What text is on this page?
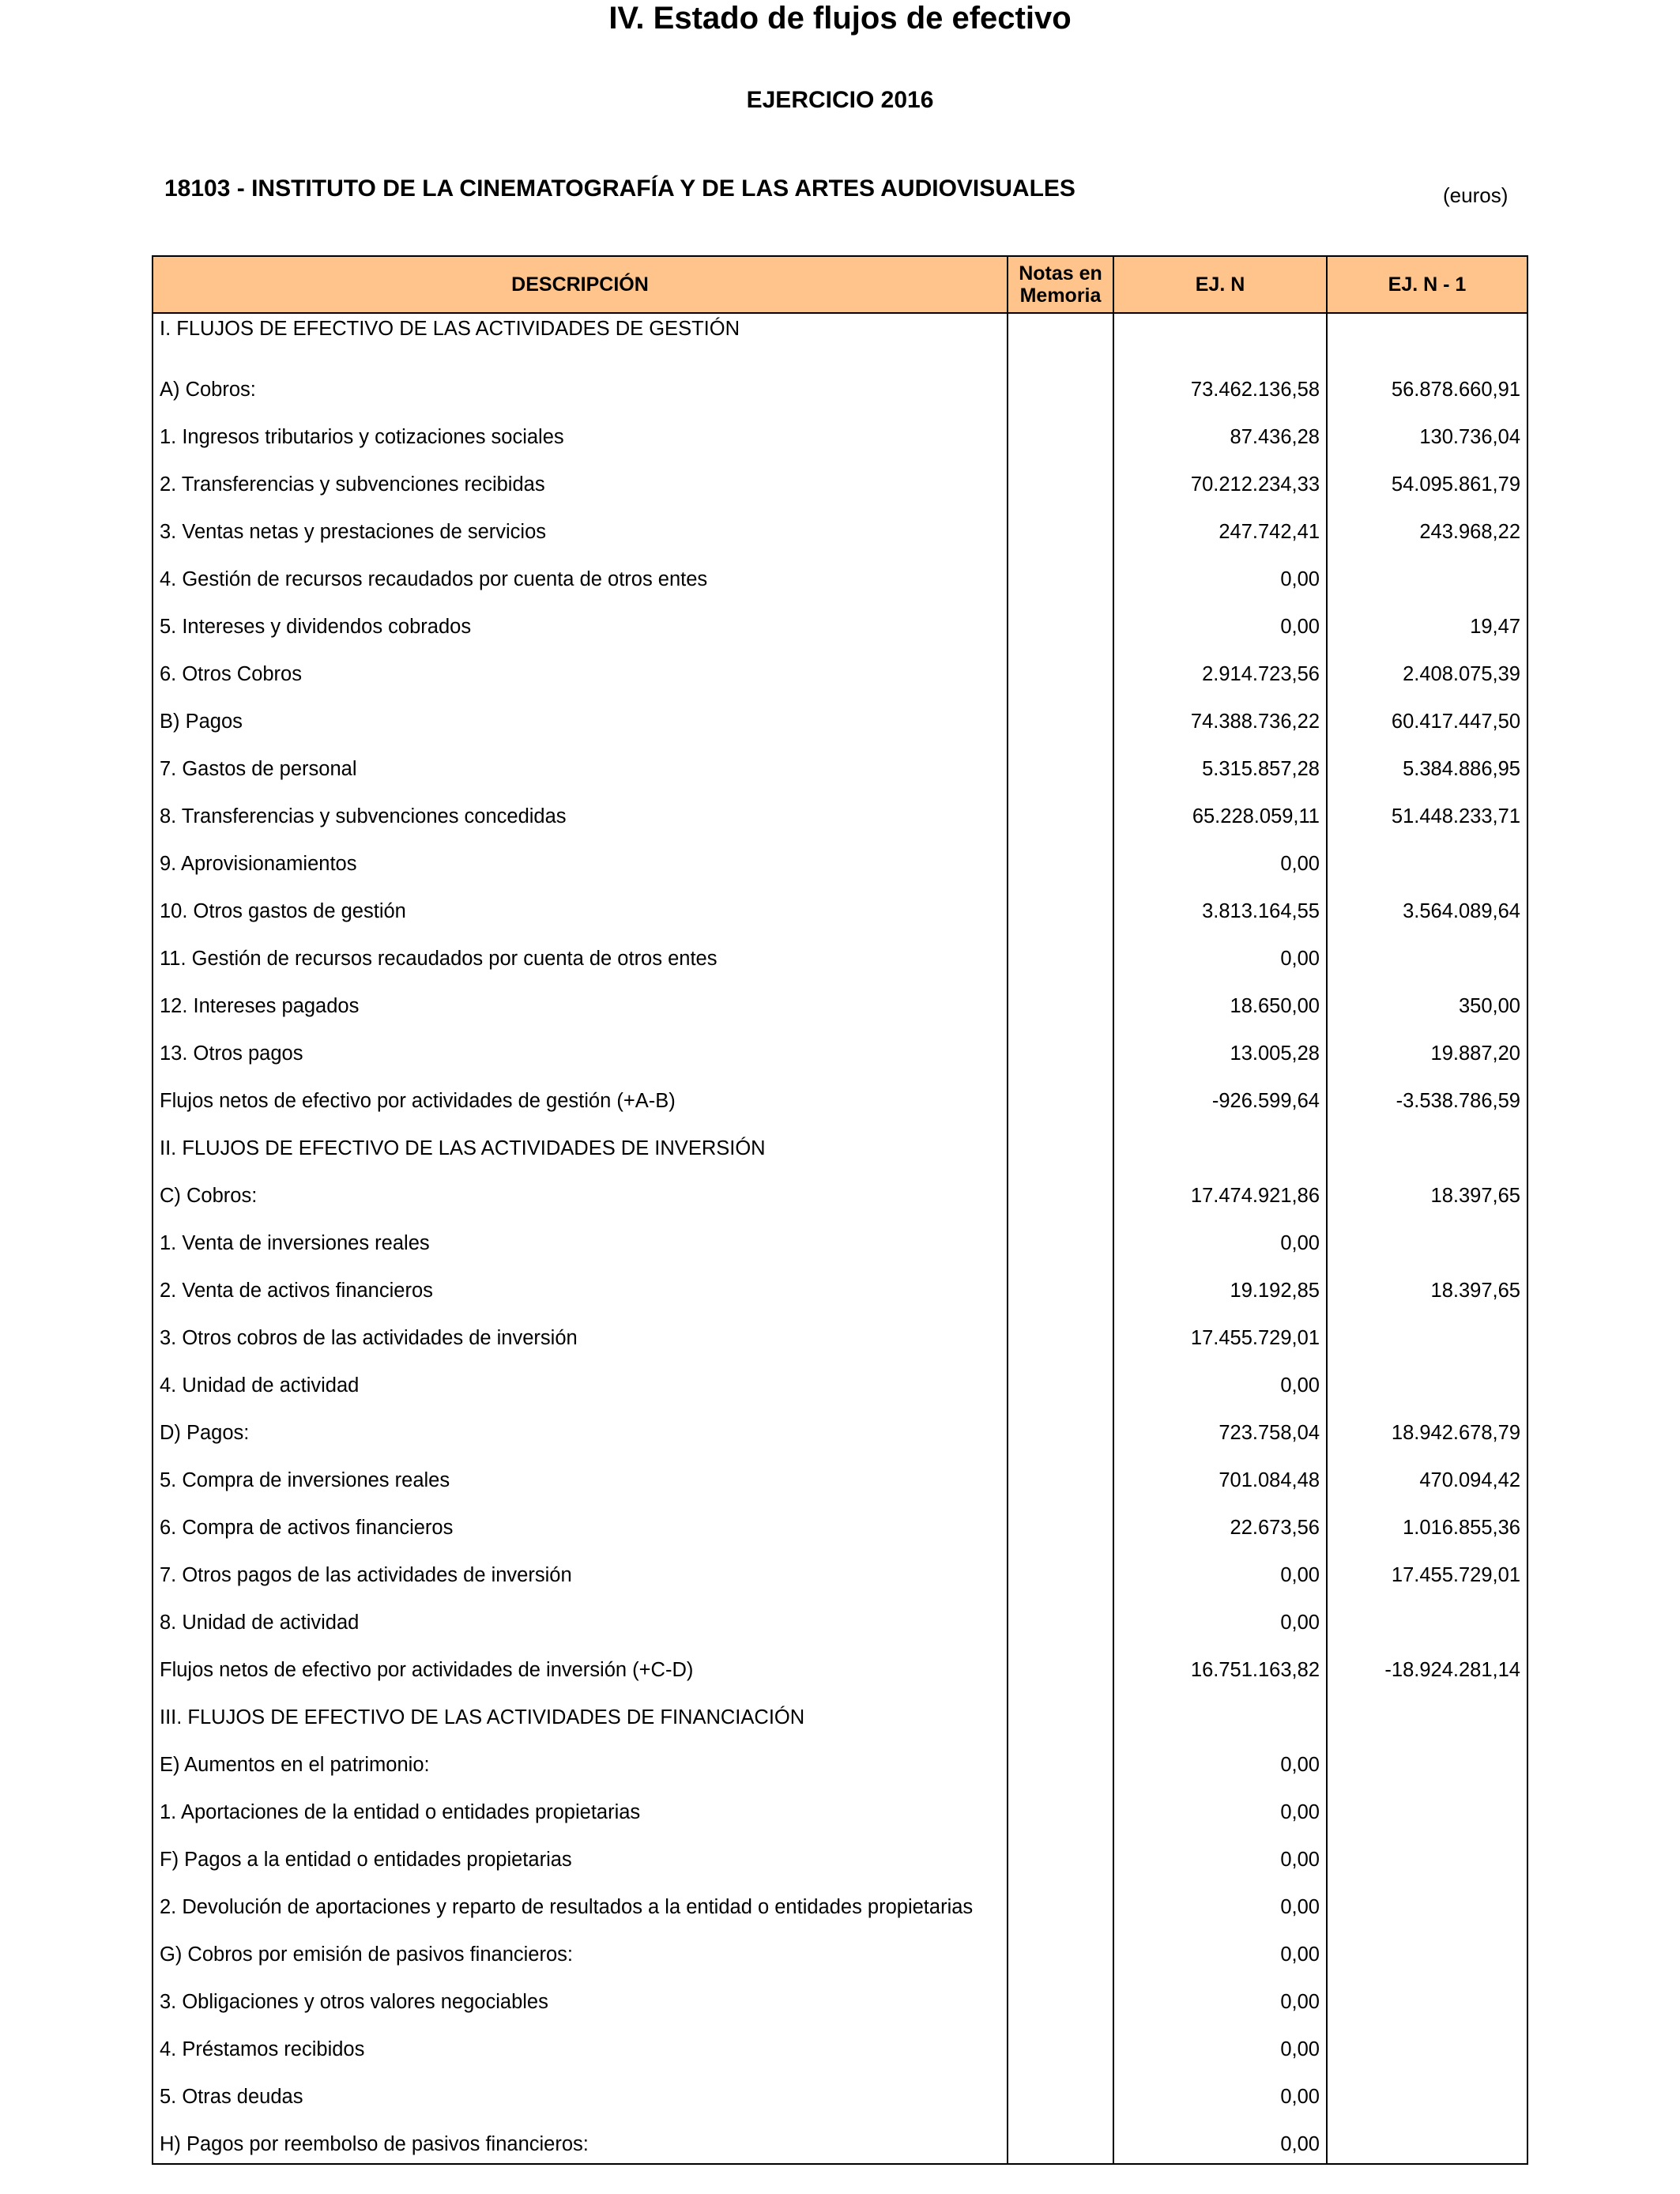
IV. Estado de flujos de efectivo
EJERCICIO 2016
18103 - INSTITUTO DE LA CINEMATOGRAFÍA Y DE LAS ARTES AUDIOVISUALES	(euros)
DESCRIPCIÓN	Notas en Memoria	EJ. N	EJ. N - 1
I. FLUJOS DE EFECTIVO DE LAS ACTIVIDADES DE GESTIÓN			
A) Cobros:		73.462.136,58	56.878.660,91
1. Ingresos tributarios y cotizaciones sociales		87.436,28	130.736,04
2. Transferencias y subvenciones recibidas		70.212.234,33	54.095.861,79
3. Ventas netas y prestaciones de servicios		247.742,41	243.968,22
4. Gestión de recursos recaudados por cuenta de otros entes		0,00	
5. Intereses y dividendos cobrados		0,00	19,47
6. Otros Cobros		2.914.723,56	2.408.075,39
B) Pagos		74.388.736,22	60.417.447,50
7. Gastos de personal		5.315.857,28	5.384.886,95
8. Transferencias y subvenciones concedidas		65.228.059,11	51.448.233,71
9. Aprovisionamientos		0,00	
10. Otros gastos de gestión		3.813.164,55	3.564.089,64
11. Gestión de recursos recaudados por cuenta de otros entes		0,00	
12. Intereses pagados		18.650,00	350,00
13. Otros pagos		13.005,28	19.887,20
Flujos netos de efectivo por actividades de gestión (+A-B)		-926.599,64	-3.538.786,59
II. FLUJOS DE EFECTIVO DE LAS ACTIVIDADES DE INVERSIÓN			
C) Cobros:		17.474.921,86	18.397,65
1. Venta de inversiones reales		0,00	
2. Venta de activos financieros		19.192,85	18.397,65
3. Otros cobros de las actividades de inversión		17.455.729,01	
4. Unidad de actividad		0,00	
D) Pagos:		723.758,04	18.942.678,79
5. Compra de inversiones reales		701.084,48	470.094,42
6. Compra de activos financieros		22.673,56	1.016.855,36
7. Otros pagos de las actividades de inversión		0,00	17.455.729,01
8. Unidad de actividad		0,00	
Flujos netos de efectivo por actividades de inversión (+C-D)		16.751.163,82	-18.924.281,14
III. FLUJOS DE EFECTIVO DE LAS ACTIVIDADES DE FINANCIACIÓN			
E) Aumentos en el patrimonio:		0,00	
1. Aportaciones de la entidad o entidades propietarias		0,00	
F) Pagos a la entidad o entidades propietarias		0,00	
2. Devolución de aportaciones y reparto de resultados a la entidad o entidades propietarias		0,00	
G) Cobros por emisión de pasivos financieros:		0,00	
3. Obligaciones y otros valores negociables		0,00	
4. Préstamos recibidos		0,00	
5. Otras deudas		0,00	
H) Pagos por reembolso de pasivos financieros:		0,00	
